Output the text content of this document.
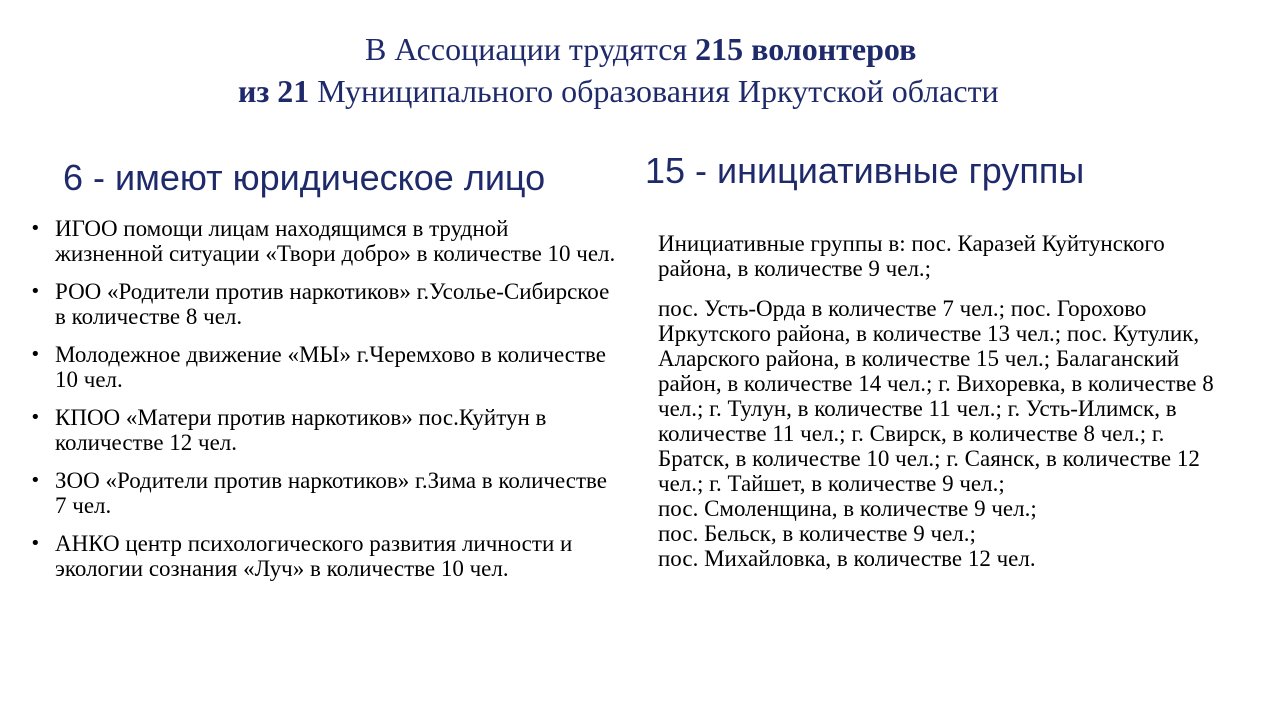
В Ассоциации трудятся 215 волонтеров
из 21 Муниципального образования Иркутской области
6 - имеют юридическое лицо
• ИГОО помощи лицам находящимся в трудной жизненной ситуации «Твори добро» в количестве 10 чел.
• РОО «Родители против наркотиков» г.Усолье-Сибирское в количестве 8 чел.
• Молодежное движение «МЫ» г.Черемхово в количестве 10 чел.
• КПОО «Матери против наркотиков» пос.Куйтун в количестве 12 чел.
• ЗОО «Родители против наркотиков» г.Зима в количестве 7 чел.
• АНКО центр психологического развития личности и экологии сознания «Луч» в количестве 10 чел.
15 - инициативные группы

Инициативные группы в: пос. Каразей Куйтунского района, в количестве 9 чел.;

пос. Усть-Орда в количестве 7 чел.; пос. Горохово Иркутского района, в количестве 13 чел.; пос. Кутулик, Аларского района, в количестве 15 чел.; Балаганский район, в количестве 14 чел.; г. Вихоревка, в количестве 8 чел.; г. Тулун, в количестве 11 чел.; г. Усть-Илимск, в количестве 11 чел.; г. Свирск, в количестве 8 чел.; г. Братск, в количестве 10 чел.; г. Саянск, в количестве 12 чел.; г. Тайшет, в количестве 9 чел.;
пос. Смоленщина, в количестве 9 чел.;
пос. Бельск, в количестве 9 чел.;
пос. Михайловка, в количестве 12 чел.
